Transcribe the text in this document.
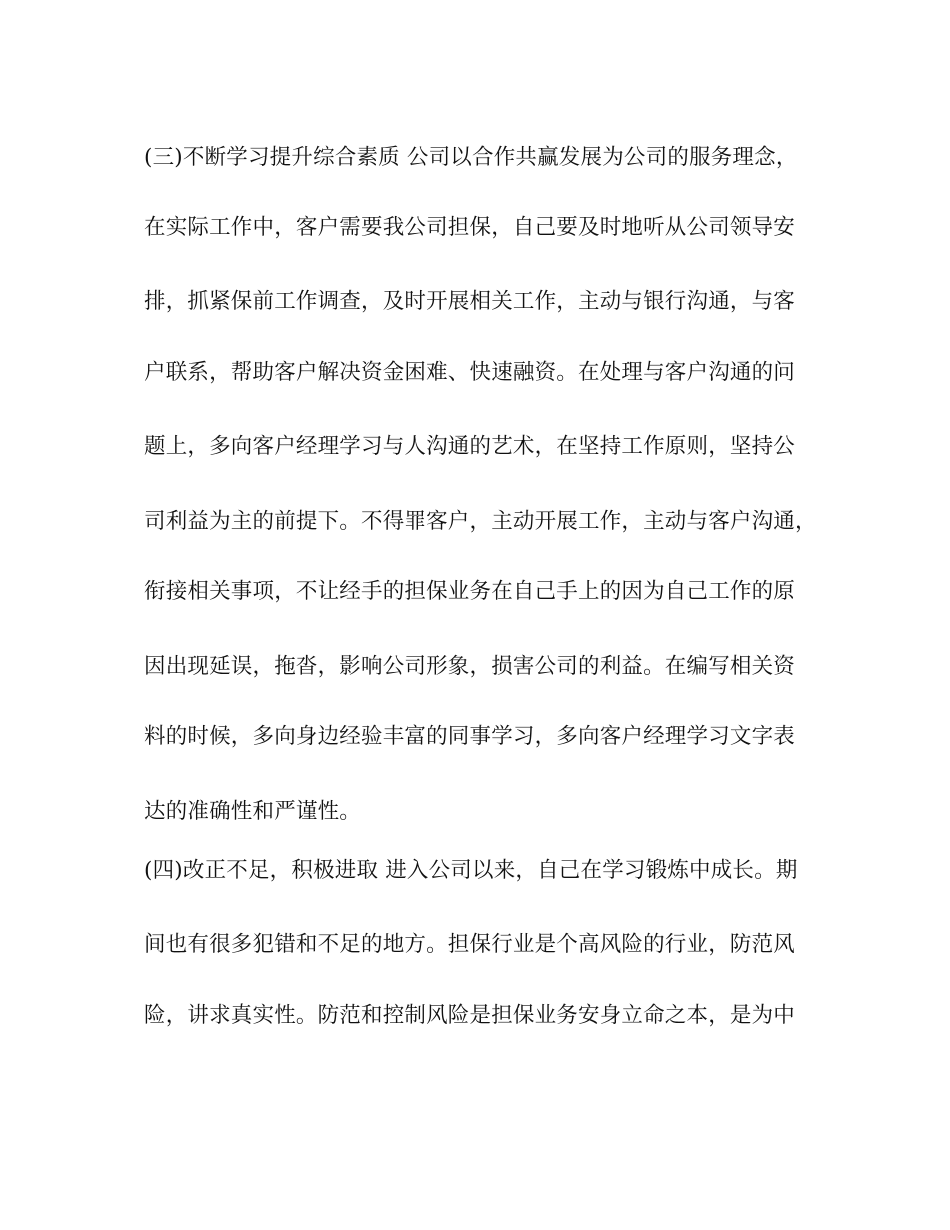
(三)不断学习提升综合素质 公司以合作共赢发展为公司的服务理念，
在实际工作中，客户需要我公司担保，自己要及时地听从公司领导安
排，抓紧保前工作调查，及时开展相关工作，主动与银行沟通，与客
户联系，帮助客户解决资金困难、快速融资。在处理与客户沟通的问
题上，多向客户经理学习与人沟通的艺术，在坚持工作原则，坚持公
司利益为主的前提下。不得罪客户，主动开展工作，主动与客户沟通，
衔接相关事项，不让经手的担保业务在自己手上的因为自己工作的原
因出现延误，拖沓，影响公司形象，损害公司的利益。在编写相关资
料的时候，多向身边经验丰富的同事学习，多向客户经理学习文字表
达的准确性和严谨性。
(四)改正不足，积极进取 进入公司以来，自己在学习锻炼中成长。期
间也有很多犯错和不足的地方。担保行业是个高风险的行业，防范风
险，讲求真实性。防范和控制风险是担保业务安身立命之本，是为中
